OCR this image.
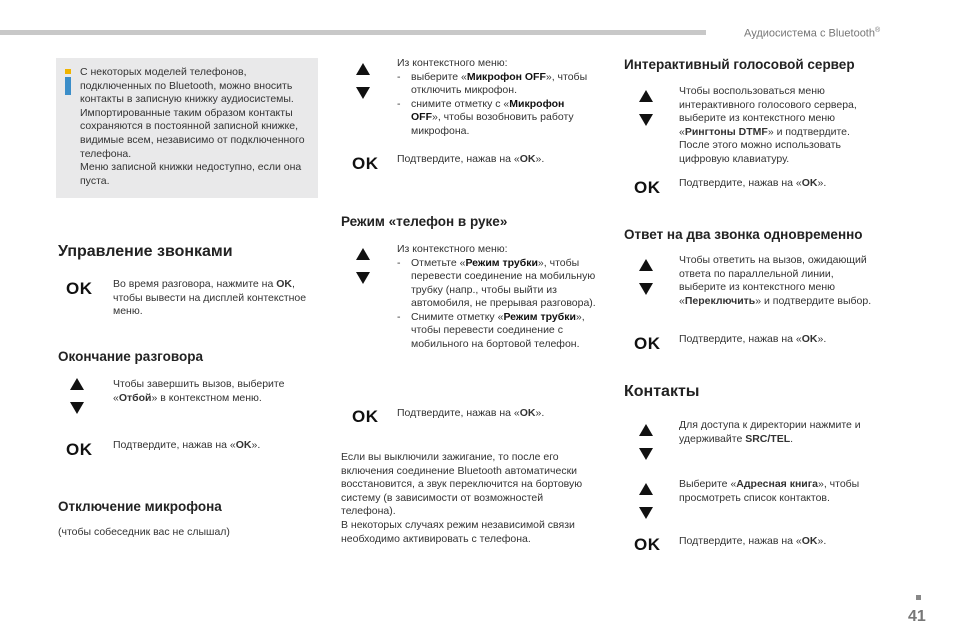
Аудиосистема с Bluetooth®
41
С некоторых моделей телефонов,
подключенных по Bluetooth, можно вносить
контакты в записную книжку аудиосистемы.
Импортированные таким образом контакты
сохраняются в постоянной записной книжке,
видимые всем, независимо от подключенного
телефона.
Меню записной книжки недоступно, если она
пуста.
Управление звонками
OK Во время разговора, нажмите на OK,
чтобы вывести на дисплей контекстное
меню.
Окончание разговора
Чтобы завершить вызов, выберите
«Отбой» в контекстном меню.
OK Подтвердите, нажав на «OK».
Отключение микрофона
(чтобы собеседник вас не слышал)
Из контекстного меню:
- выберите «Микрофон OFF», чтобы отключить микрофон.
- снимите отметку с «Микрофон OFF», чтобы возобновить работу микрофона.
OK Подтвердите, нажав на «OK».
Режим «телефон в руке»
Из контекстного меню:
- Отметьте «Режим трубки», чтобы перевести соединение на мобильную трубку (напр., чтобы выйти из автомобиля, не прерывая разговора).
- Снимите отметку «Режим трубки», чтобы перевести соединение с мобильного на бортовой телефон.
OK Подтвердите, нажав на «OK».
Если вы выключили зажигание, то после его
включения соединение Bluetooth автоматически
восстановится, а звук переключится на бортовую
систему (в зависимости от возможностей
телефона).
В некоторых случаях режим независимой связи
необходимо активировать с телефона.
Интерактивный голосовой сервер
Чтобы воспользоваться меню
интерактивного голосового сервера,
выберите из контекстного меню
«Рингтоны DTMF» и подтвердите.
После этого можно использовать
цифровую клавиатуру.
OK Подтвердите, нажав на «OK».
Ответ на два звонка одновременно
Чтобы ответить на вызов, ожидающий
ответа по параллельной линии,
выберите из контекстного меню
«Переключить» и подтвердите выбор.
OK Подтвердите, нажав на «OK».
Контакты
Для доступа к директории нажмите и
удерживайте SRC/TEL.
Выберите «Адресная книга», чтобы
просмотреть список контактов.
OK Подтвердите, нажав на «OK».
